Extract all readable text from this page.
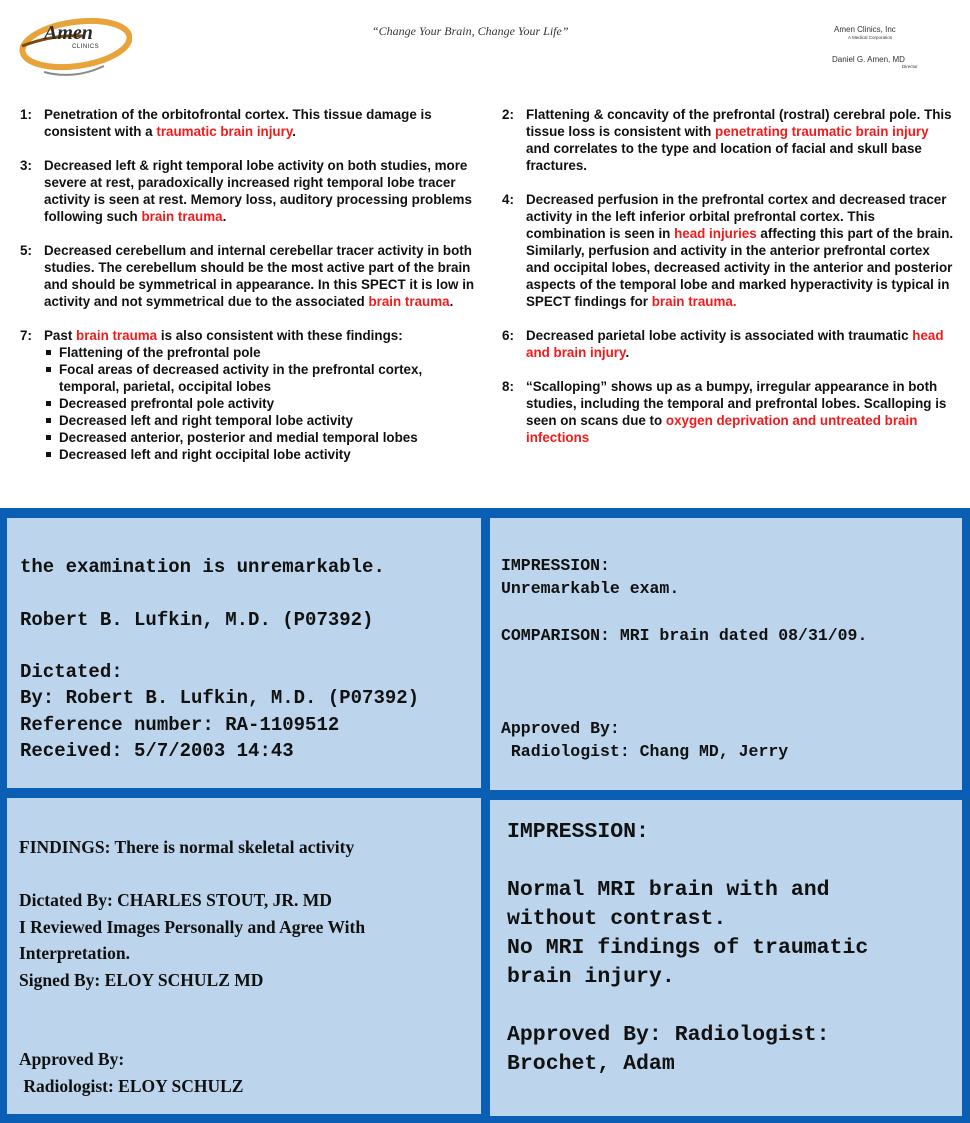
Amen
CLINICS
“Change Your Brain, Change Your Life”	Amen Clinics, Inc
A Medical Corporation
Daniel G. Amen, MD
Director
1: Penetration of the orbitofrontal cortex. This tissue damage is consistent with a traumatic brain injury.
3: Decreased left & right temporal lobe activity on both studies, more severe at rest, paradoxically increased right temporal lobe tracer activity is seen at rest. Memory loss, auditory processing problems following such brain trauma.
5: Decreased cerebellum and internal cerebellar tracer activity in both studies. The cerebellum should be the most active part of the brain and should be symmetrical in appearance. In this SPECT it is low in activity and not symmetrical due to the associated brain trauma.
7: Past brain trauma is also consistent with these findings:
Flattening of the prefrontal pole
Focal areas of decreased activity in the prefrontal cortex, temporal, parietal, occipital lobes
Decreased prefrontal pole activity
Decreased left and right temporal lobe activity
Decreased anterior, posterior and medial temporal lobes
Decreased left and right occipital lobe activity
2: Flattening & concavity of the prefrontal (rostral) cerebral pole. This tissue loss is consistent with penetrating traumatic brain injury and correlates to the type and location of facial and skull base fractures.
4: Decreased perfusion in the prefrontal cortex and decreased tracer activity in the left inferior orbital prefrontal cortex. This combination is seen in head injuries affecting this part of the brain. Similarly, perfusion and activity in the anterior prefrontal cortex and occipital lobes, decreased activity in the anterior and posterior aspects of the temporal lobe and marked hyperactivity is typical in SPECT findings for brain trauma.
6: Decreased parietal lobe activity is associated with traumatic head and brain injury.
8: “Scalloping” shows up as a bumpy, irregular appearance in both studies, including the temporal and prefrontal lobes. Scalloping is seen on scans due to oxygen deprivation and untreated brain infections
the examination is unremarkable.

Robert B. Lufkin, M.D. (P07392)

Dictated:
By: Robert B. Lufkin, M.D. (P07392)
Reference number: RA-1109512
Received: 5/7/2003 14:43
IMPRESSION:
Unremarkable exam.

COMPARISON: MRI brain dated 08/31/09.

Approved By:
Radiologist: Chang MD, Jerry
FINDINGS: There is normal skeletal activity

Dictated By: CHARLES STOUT, JR. MD
I Reviewed Images Personally and Agree With
Interpretation.
Signed By: ELOY SCHULZ MD

Approved By:
Radiologist: ELOY SCHULZ
IMPRESSION:

Normal MRI brain with and
without contrast.
No MRI findings of traumatic
brain injury.

Approved By: Radiologist:
Brochet, Adam
